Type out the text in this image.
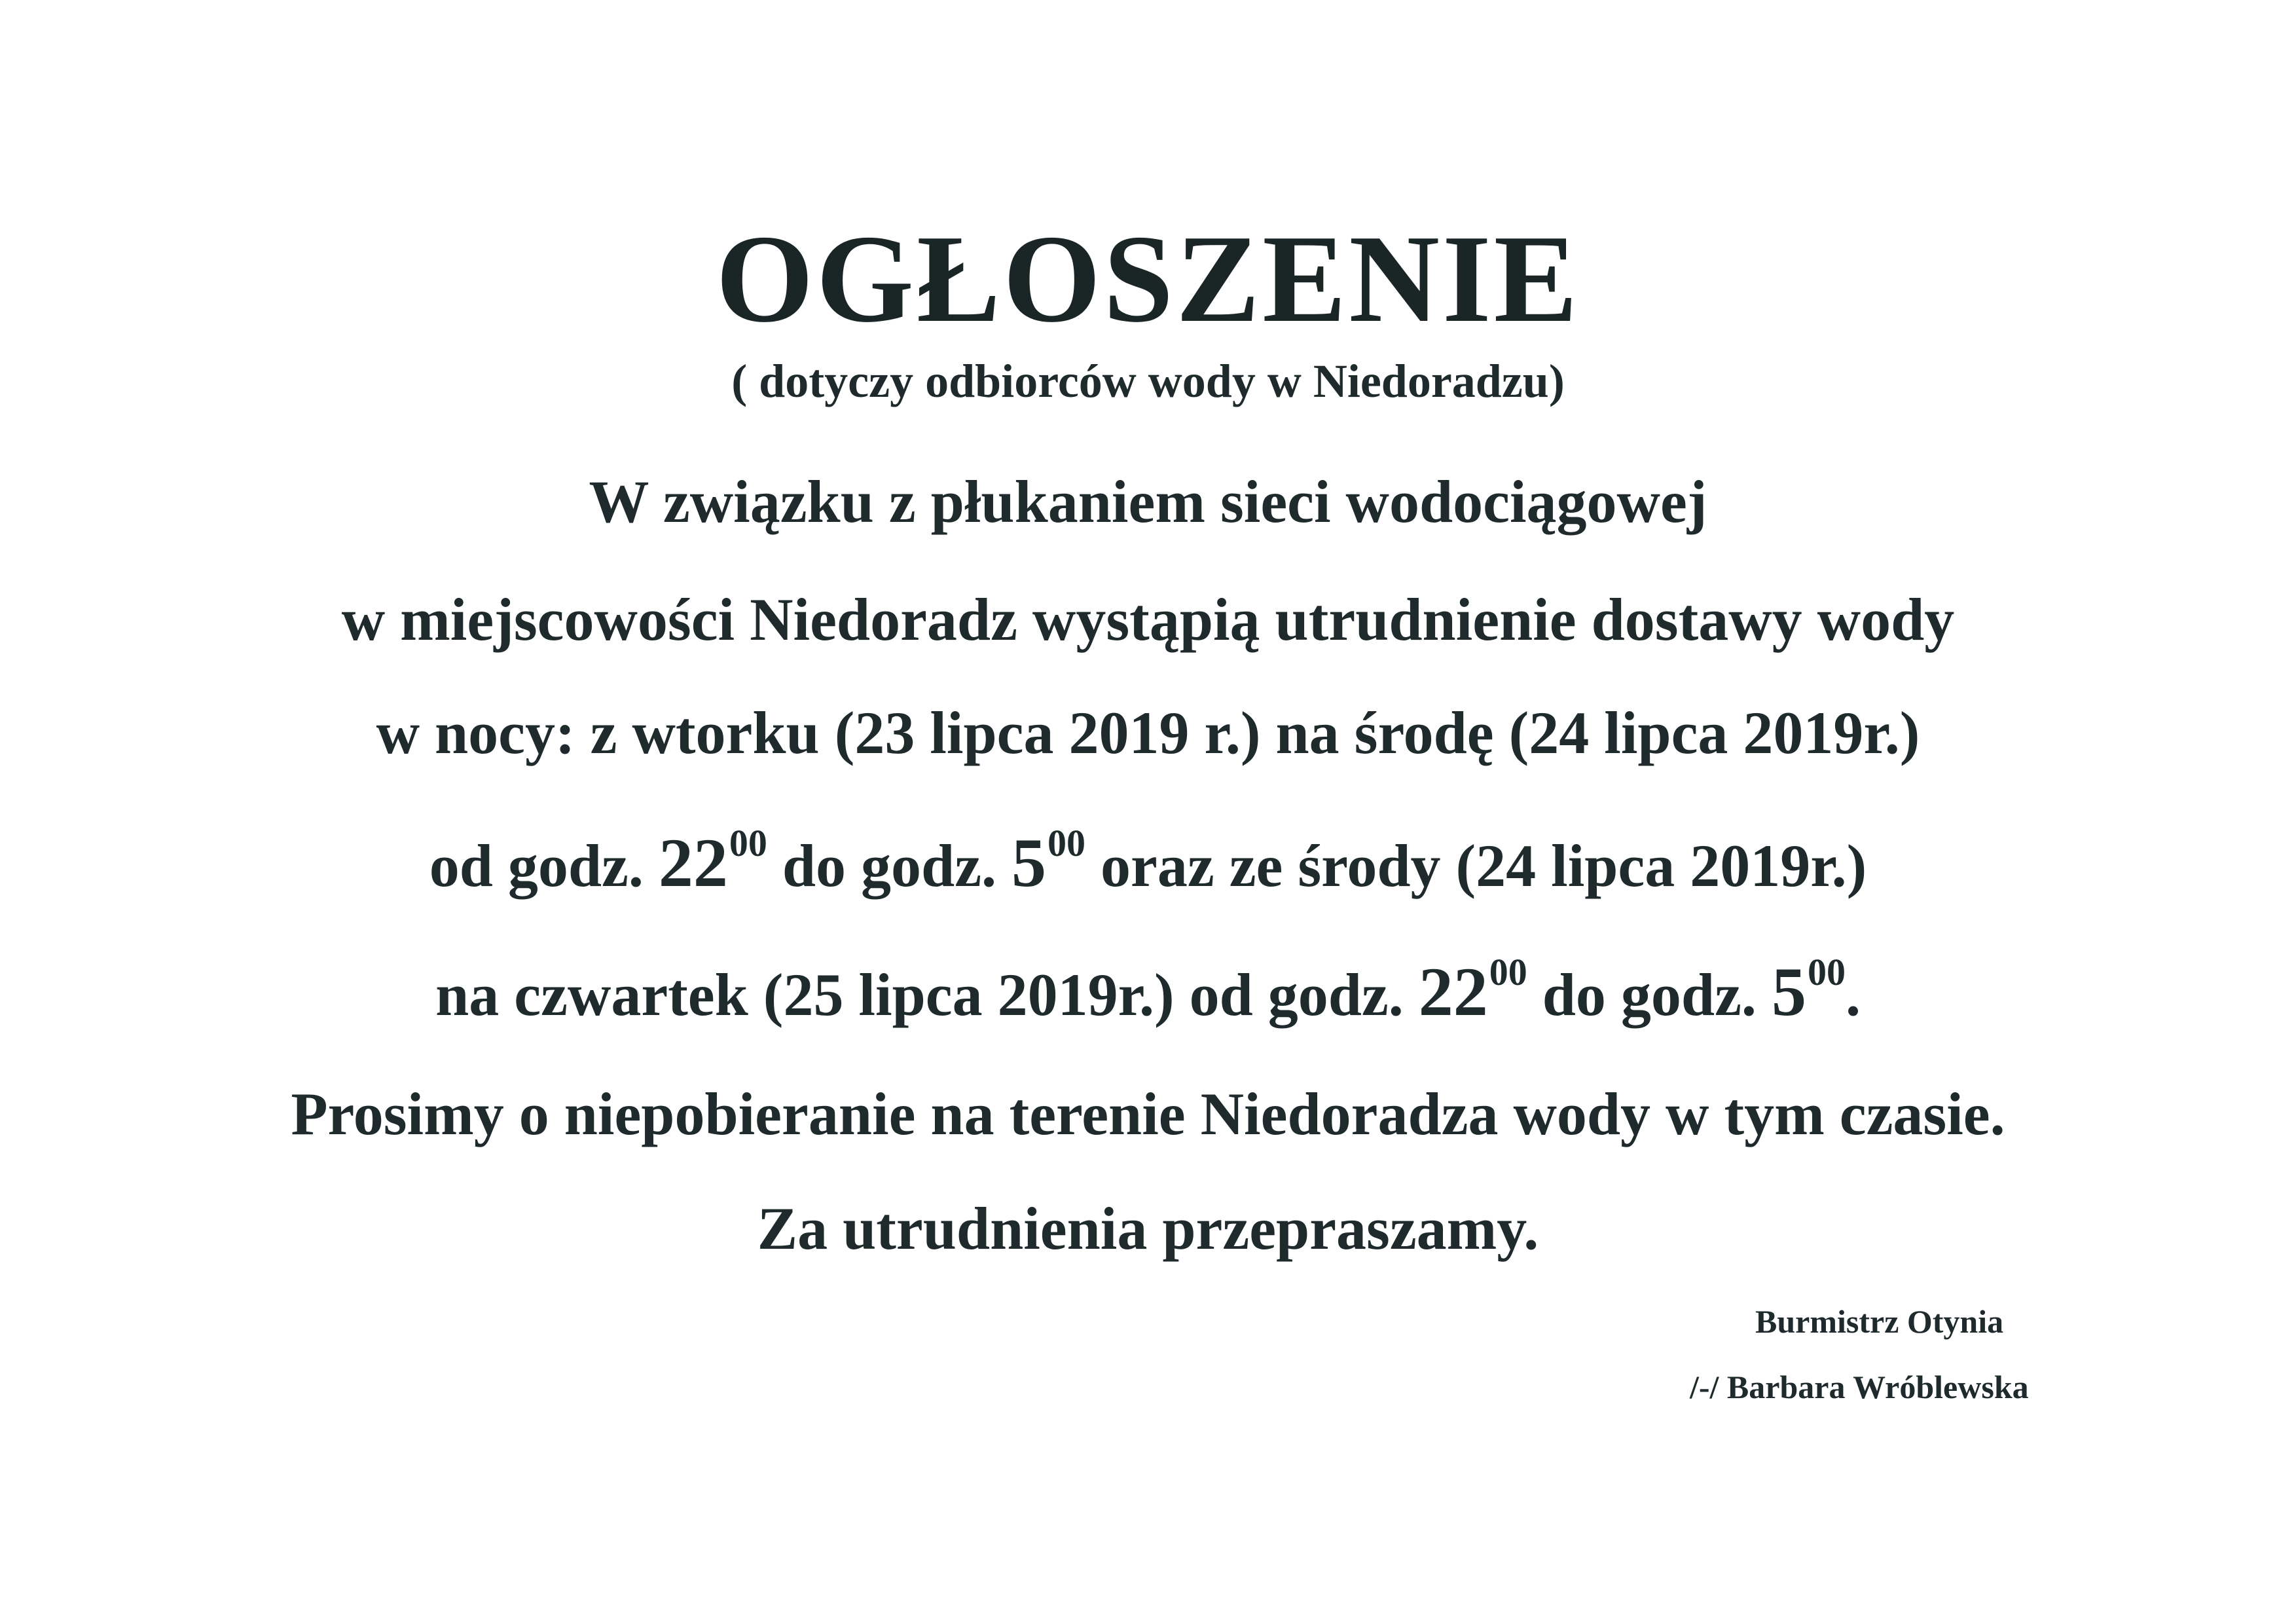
OGŁOSZENIE
( dotyczy odbiorców wody w Niedoradzu)
W związku z płukaniem sieci wodociągowej
w miejscowości Niedoradz wystąpią utrudnienie dostawy wody
w nocy: z wtorku (23 lipca 2019 r.) na środę (24 lipca 2019r.)
od godz. $22^{00}$ do godz. $5^{00}$ oraz ze środy (24 lipca 2019r.)
na czwartek (25 lipca 2019r.) od godz. $22^{00}$ do godz. $5^{00}$.
Prosimy o niepobieranie na terenie Niedoradza wody w tym czasie.
Za utrudnienia przepraszamy.
Burmistrz Otynia
/-/ Barbara Wróblewska
